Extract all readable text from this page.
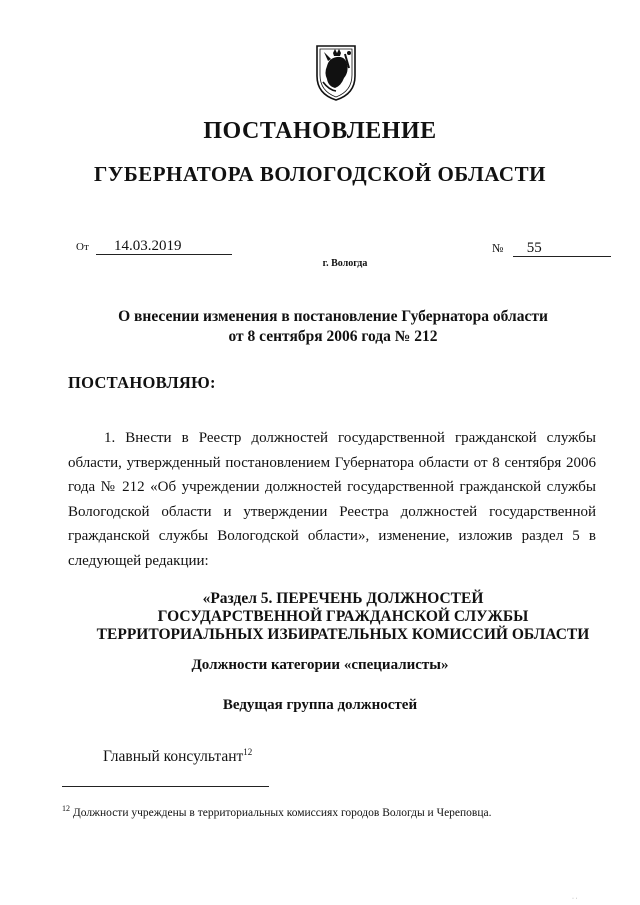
ПОСТАНОВЛЕНИЕ
ГУБЕРНАТОРА ВОЛОГОДСКОЙ ОБЛАСТИ
От 14.03.2019	№ 55
г. Вологда
О внесении изменения в постановление Губернатора области
от 8 сентября 2006 года № 212
ПОСТАНОВЛЯЮ:
1. Внести в Реестр должностей государственной гражданской службы области, утвержденный постановлением Губернатора области от 8 сентября 2006 года № 212 «Об учреждении должностей государственной гражданской службы Вологодской области и утверждении Реестра должностей государственной гражданской службы Вологодской области», изменение, изложив раздел 5 в следующей редакции:
«Раздел 5. ПЕРЕЧЕНЬ ДОЛЖНОСТЕЙ
ГОСУДАРСТВЕННОЙ ГРАЖДАНСКОЙ СЛУЖБЫ
ТЕРРИТОРИАЛЬНЫХ ИЗБИРАТЕЛЬНЫХ КОМИССИЙ ОБЛАСТИ
Должности категории «специалисты»
Ведущая группа должностей
Главный консультант$^{12}$
$^{12}$ Должности учреждены в территориальных комиссиях городов Вологды и Череповца.
· ·
